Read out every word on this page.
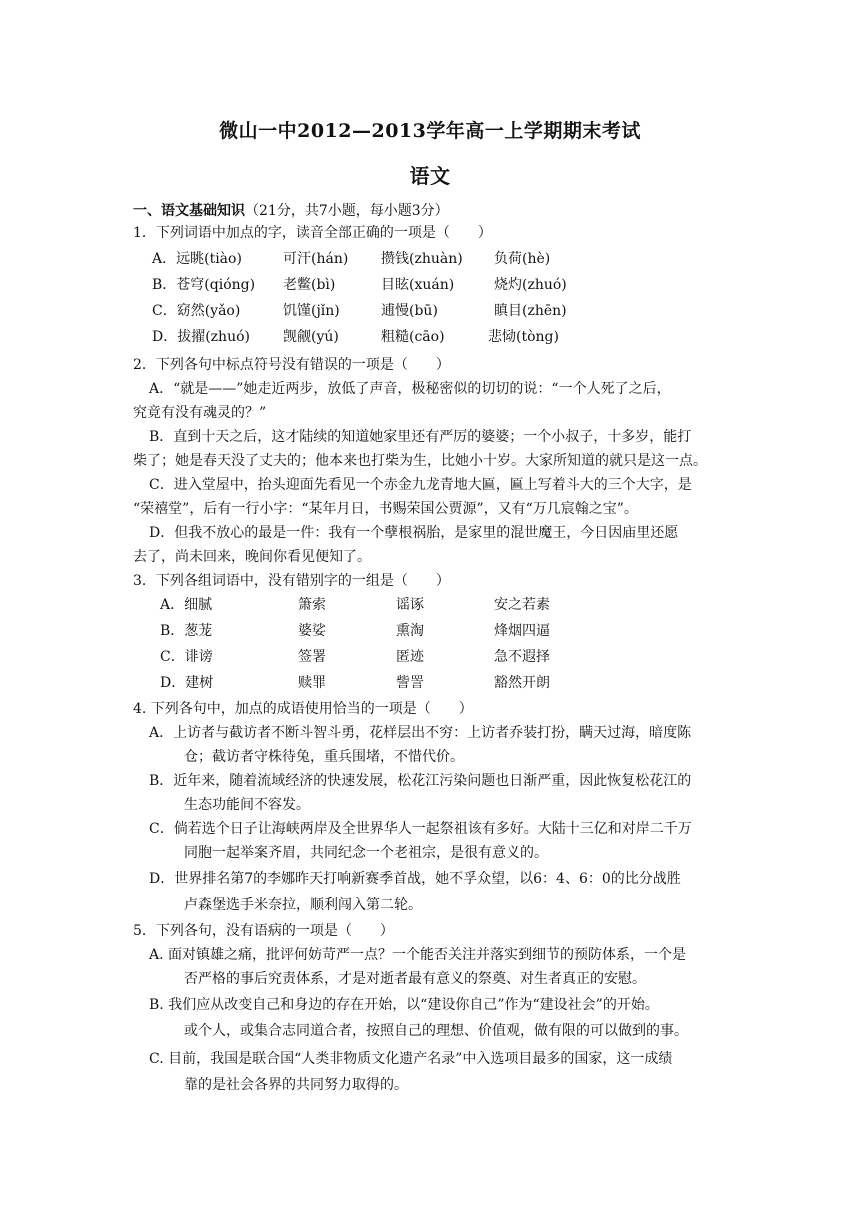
微山一中2012—2013学年高一上学期期末考试
语文
一、语文基础知识（21分，共7小题，每小题3分）
1．下列词语中加点的字，读音全部正确的一项是（　　）
A．远眺(tiào)	可汗(hán) 攒钱(zhuàn) 负荷(hè)
B．苍穹(qióng) 老鳖(bì)	目眩(xuán)	烧灼(zhuó)
C．窈然(yǎo)	饥馑(jǐn)	逋慢(bū)	瞋目(zhēn)
D．拔擢(zhuó) 觊觎(yú)	粗糙(cāo)	悲恸(tòng)
2．下列各句中标点符号没有错误的一项是（　　）
A．“就是——”她走近两步，放低了声音，极秘密似的切切的说：“一个人死了之后，
究竟有没有魂灵的？”
B．直到十天之后，这才陆续的知道她家里还有严厉的婆婆；一个小叔子，十多岁，能打
柴了；她是春天没了丈夫的；他本来也打柴为生，比她小十岁。大家所知道的就只是这一点。
C．进入堂屋中，抬头迎面先看见一个赤金九龙青地大匾，匾上写着斗大的三个大字，是
“荣禧堂”，后有一行小字：“某年月日，书赐荣国公贾源”，又有“万几宸翰之宝”。
D．但我不放心的最是一件：我有一个孽根祸胎，是家里的混世魔王，今日因庙里还愿
去了，尚未回来，晚间你看见便知了。
3．下列各组词语中，没有错别字的一组是（　　）
A．细腻	箫索	谣诼	安之若素
B．葱茏	婆娑	熏淘	烽烟四逼
C．诽谤	签署	匿迹	急不遐择
D．建树	赎罪	訾詈	豁然开朗
4. 下列各句中，加点的成语使用恰当的一项是（　　）
A．上访者与截访者不断斗智斗勇，花样层出不穷：上访者乔装打扮，瞒天过海，暗度陈
仓；截访者守株待兔，重兵围堵，不惜代价。
B．近年来，随着流域经济的快速发展，松花江污染问题也日渐严重，因此恢复松花江的
生态功能间不容发。
C．倘若选个日子让海峡两岸及全世界华人一起祭祖该有多好。大陆十三亿和对岸二千万
同胞一起举案齐眉，共同纪念一个老祖宗，是很有意义的。
D．世界排名第7的李娜昨天打响新赛季首战，她不孚众望，以6：4、6：0的比分战胜
卢森堡选手米奈拉，顺利闯入第二轮。
5．下列各句，没有语病的一项是（　　）
A. 面对镇雄之痛，批评何妨苛严一点？一个能否关注并落实到细节的预防体系，一个是
否严格的事后究责体系，才是对逝者最有意义的祭奠、对生者真正的安慰。
B. 我们应从改变自己和身边的存在开始，以“建设你自己”作为“建设社会”的开始。
或个人，或集合志同道合者，按照自己的理想、价值观，做有限的可以做到的事。
C. 目前，我国是联合国“人类非物质文化遗产名录”中入选项目最多的国家，这一成绩
靠的是社会各界的共同努力取得的。
